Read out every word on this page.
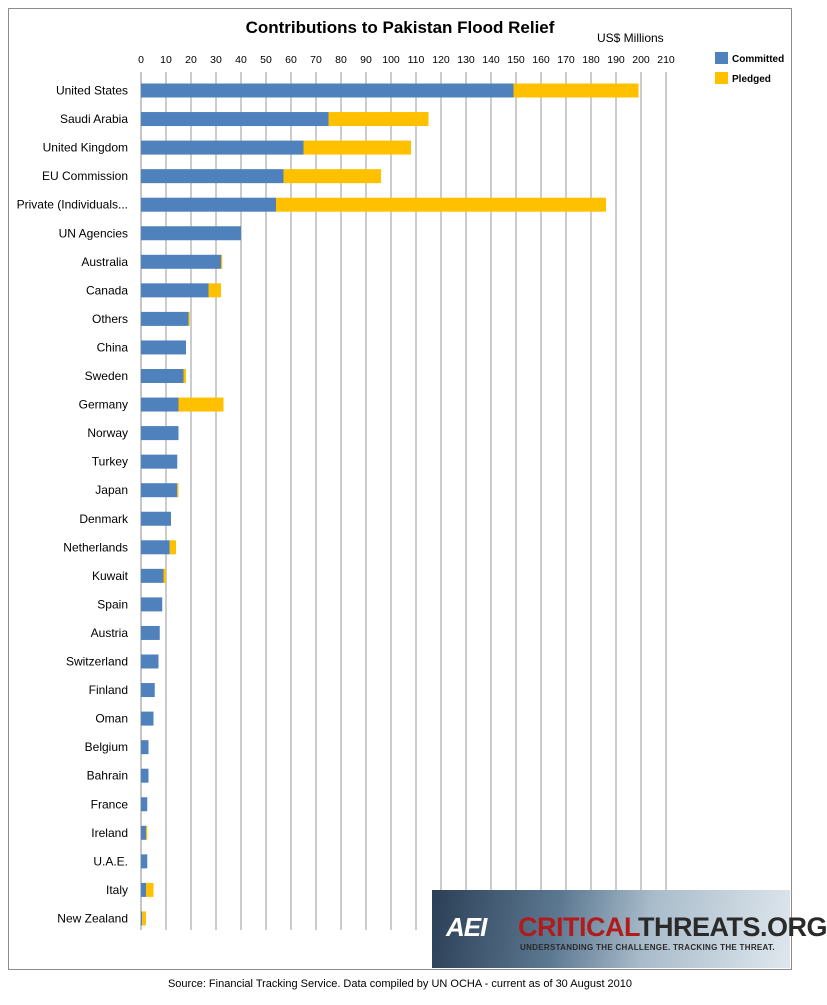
Contributions to Pakistan Flood Relief
US$ Millions
0 10 20 30 40 50 60 70 80 90 100 110 120 130 140 150 160 170 180 190 200 210
United States
Saudi Arabia
United Kingdom
EU Commission
Private (Individuals...
UN Agencies
Australia
Canada
Others
China
Sweden
Germany
Norway
Turkey
Japan
Denmark
Netherlands
Kuwait
Spain
Austria
Switzerland
Finland
Oman
Belgium
Bahrain
France
Ireland
U.A.E.
Italy
New Zealand
Committed
Pledged
AEI CRITICALTHREATS.ORG
UNDERSTANDING THE CHALLENGE. TRACKING THE THREAT.
Source: Financial Tracking Service. Data compiled by UN OCHA - current as of 30 August 2010
